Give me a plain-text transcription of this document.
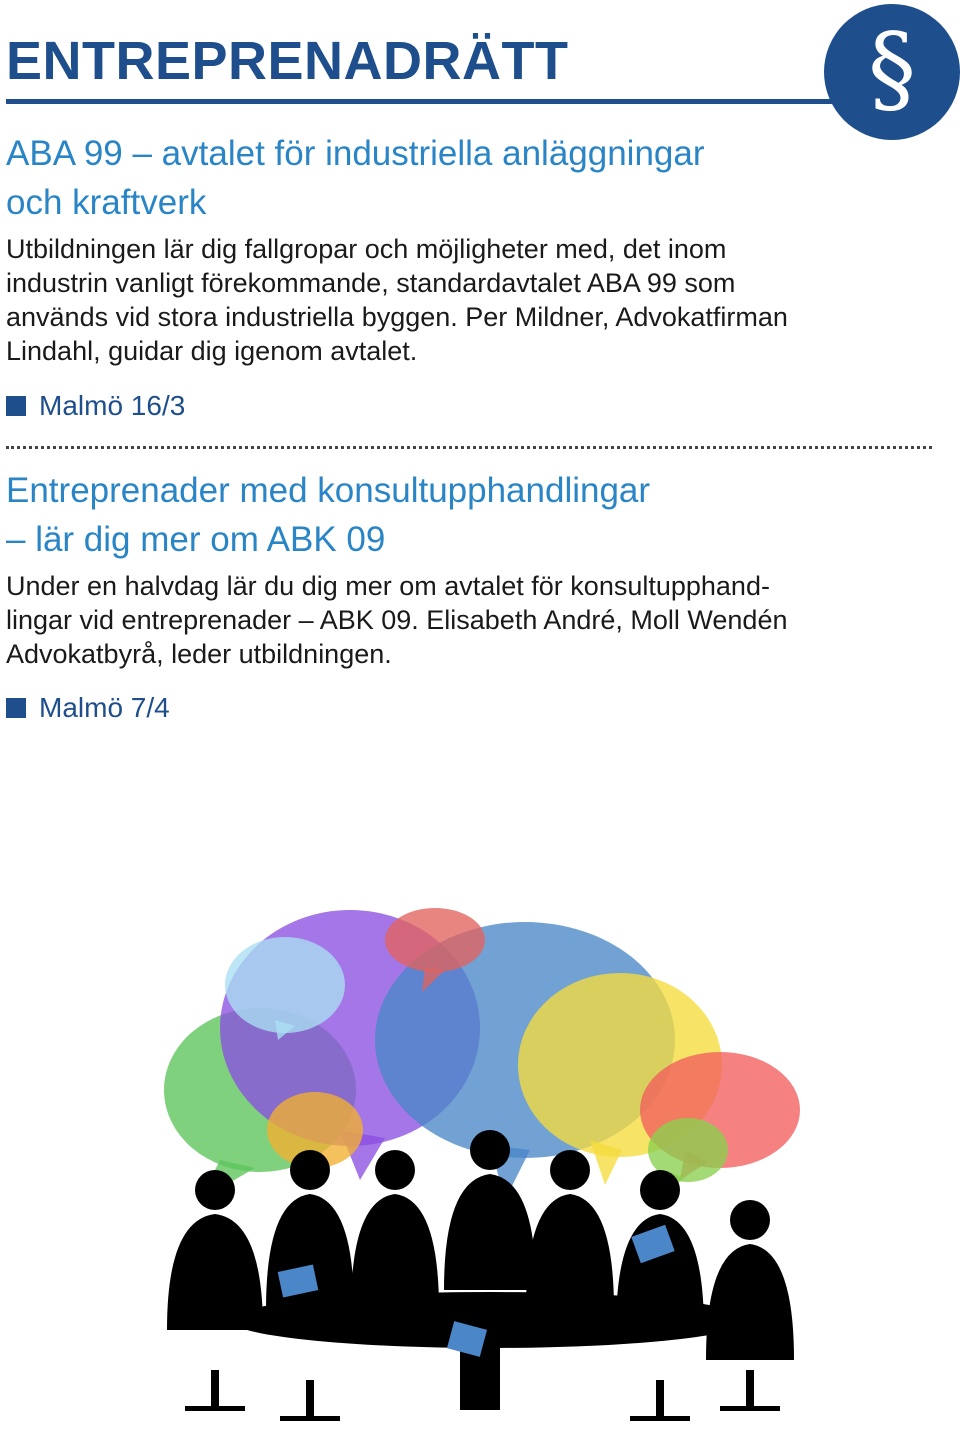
ENTREPRENADRÄTT	§
ABA 99 – avtalet för industriella anläggningar
och kraftverk

Utbildningen lär dig fallgropar och möjligheter med, det inom
industrin vanligt förekommande, standardavtalet ABA 99 som
används vid stora industriella byggen. Per Mildner, Advokatfirman
Lindahl, guidar dig igenom avtalet.

Malmö 16/3
Entreprenader med konsultupphandlingar
– lär dig mer om ABK 09

Under en halvdag lär du dig mer om avtalet för konsultupphand-
lingar vid entreprenader – ABK 09. Elisabeth André, Moll Wendén
Advokatbyrå, leder utbildningen.

Malmö 7/4
